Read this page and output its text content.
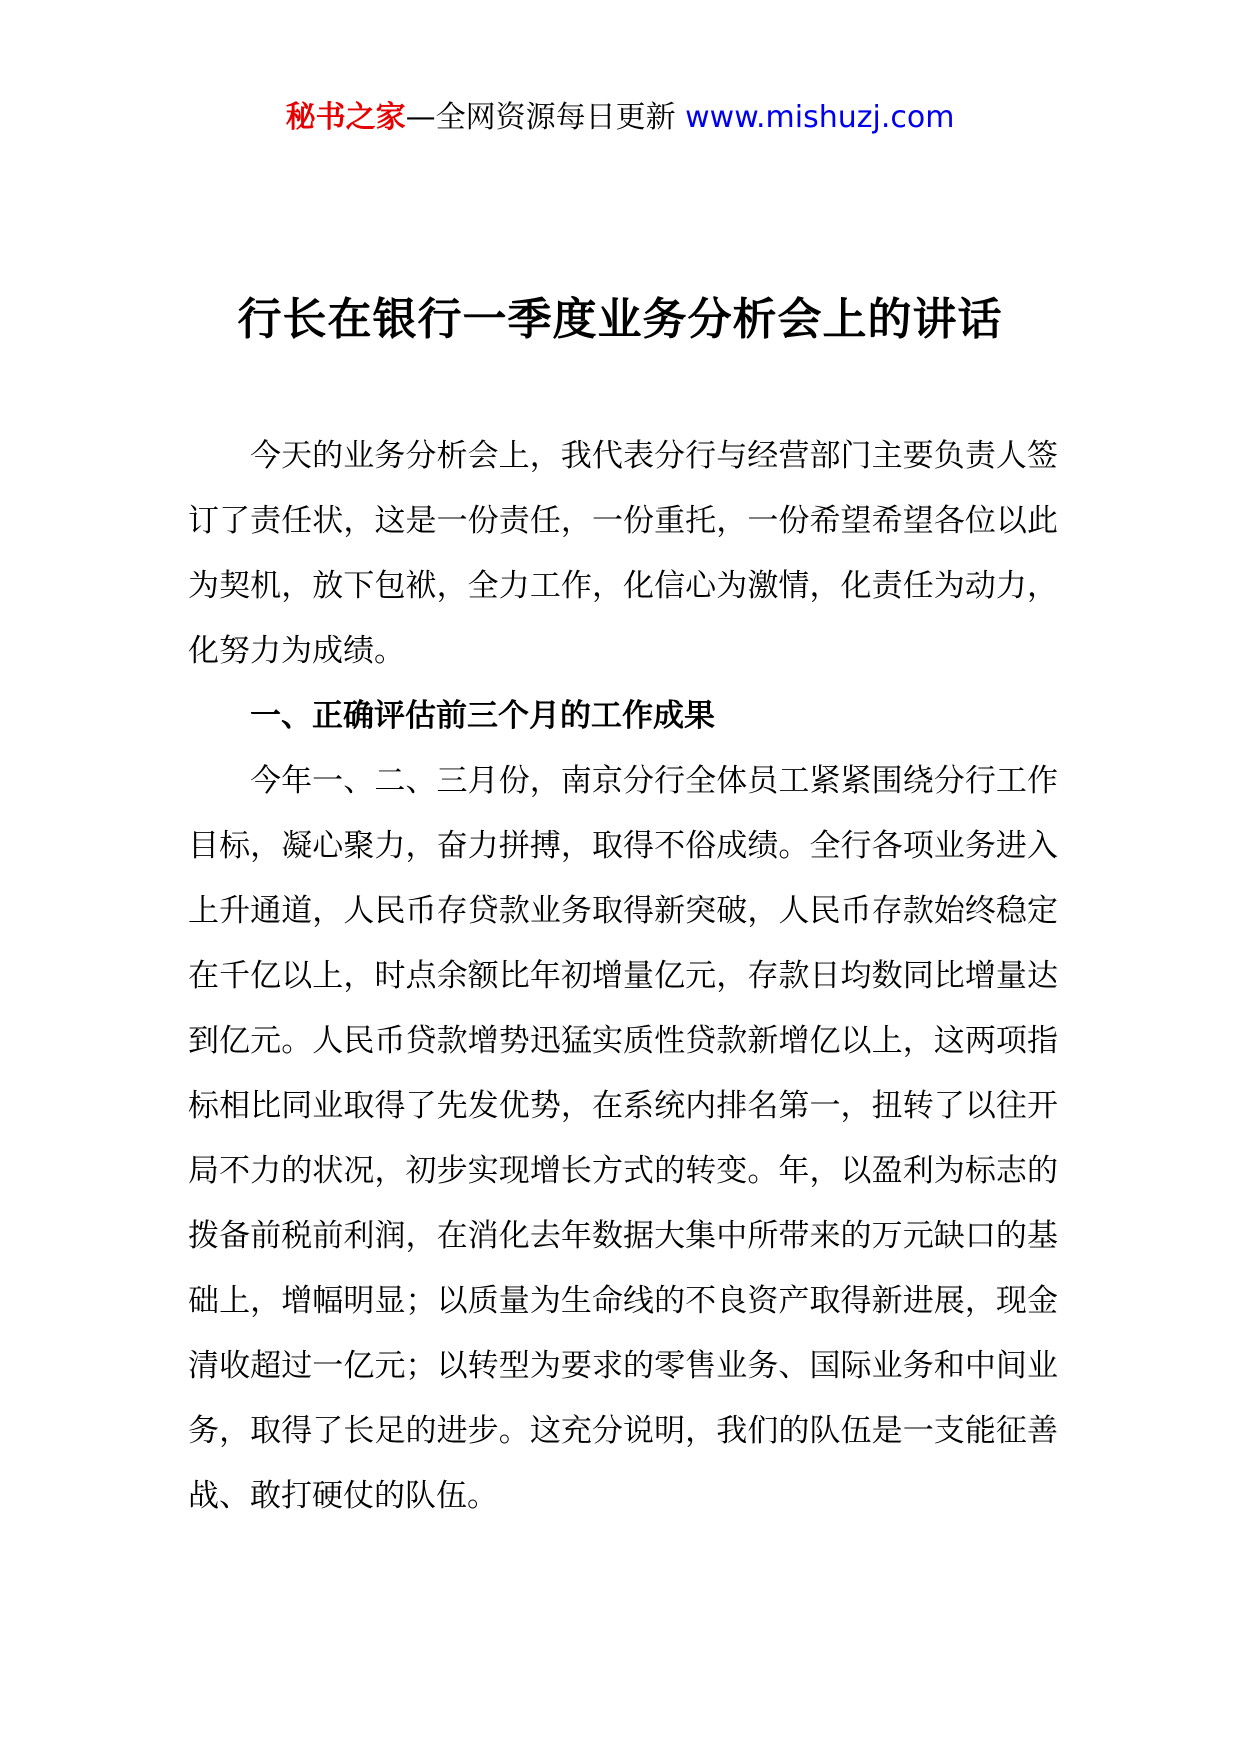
秘书之家—全网资源每日更新 www.mishuzj.com
行长在银行一季度业务分析会上的讲话

今天的业务分析会上，我代表分行与经营部门主要负责人签订了责任状，这是一份责任，一份重托，一份希望希望各位以此为契机，放下包袱，全力工作，化信心为激情，化责任为动力，化努力为成绩。

一、正确评估前三个月的工作成果

今年一、二、三月份，南京分行全体员工紧紧围绕分行工作目标，凝心聚力，奋力拼搏，取得不俗成绩。全行各项业务进入上升通道，人民币存贷款业务取得新突破，人民币存款始终稳定在千亿以上，时点余额比年初增量亿元，存款日均数同比增量达到亿元。人民币贷款增势迅猛实质性贷款新增亿以上，这两项指标相比同业取得了先发优势，在系统内排名第一，扭转了以往开局不力的状况，初步实现增长方式的转变。年，以盈利为标志的拨备前税前利润，在消化去年数据大集中所带来的万元缺口的基础上，增幅明显；以质量为生命线的不良资产取得新进展，现金清收超过一亿元；以转型为要求的零售业务、国际业务和中间业务，取得了长足的进步。这充分说明，我们的队伍是一支能征善战、敢打硬仗的队伍。
